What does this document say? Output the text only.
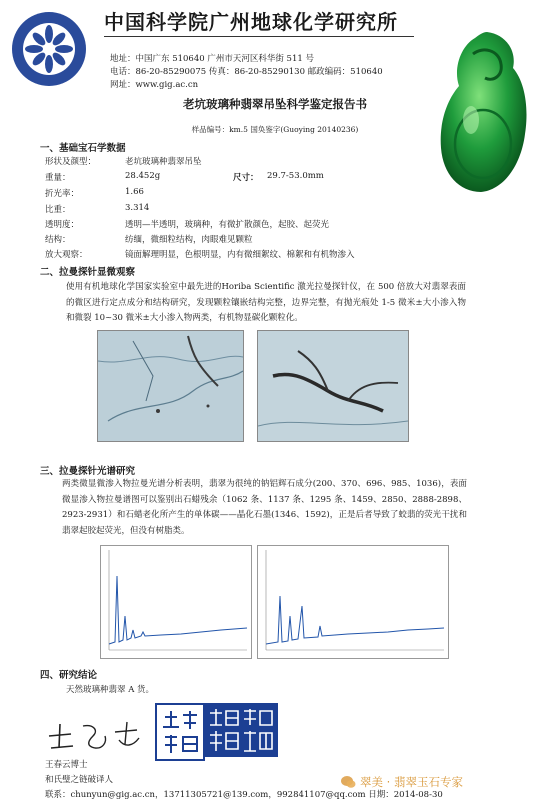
中国科学院广州地球化学研究所
地址：中国广东 510640 广州市天河区科华街 511 号
电话：86-20-85290075 传真：86-20-85290130 邮政编码：510640
网址：www.gig.ac.cn
老坑玻璃种翡翠吊坠科学鉴定报告书
样品编号：km.5 国奂鉴字(Guoying 20140236)
一、基础宝石学数据
形状及颜型：	老坑玻璃种翡翠吊坠
重量：	28.452g	尺寸： 29.7-53.0mm
折光率：	1.66
比重：	3.314
透明度：	透明—半透明，玻璃种，有微扩散颜色，起胶、起荧光
结构：	纺缅，微细粒结构，肉眼难见颗粒
放大观察：	镜面解理明显，色根明显，内有微细絮纹、棉絮和有机物渗入
二、拉曼探针显微观察
使用有机地球化学国家实验室中最先进的Horiba Scientific 激光拉曼探针仪，在 500 倍放大对翡翠表面的微区进行定点成分和结构研究，发现颗粒镶嵌结构完整，边界完整，有抛光痕处 1-5 微米±大小渗入物和微裂 10~30 微米±大小渗入物两类，有机物显碳化颗粒化。
三、拉曼探针光谱研究
两类微显微渗入物拉曼光谱分析表明，翡翠为很纯的钠铝辉石成分(200、370、696、985、1036)，表面微显渗入物拉曼谱图可以鉴别出石蜡残余（1062 条、1137 条、1295 条、1459、2850、2888-2898、2923-2931）和石蜡老化所产生的单体碳——晶化石墨(1346、1592)，正是后者导致了蛟翡的荧光干扰和翡翠起胶起荧光，但没有树脂类。
四、研究结论
天然玻璃种翡翠 A 货。
王春云博士
和氏璧之链破译人
联系：chunyun@gig.ac.cn，13711305721@139.com，992841107@qq.com 日期：2014-08-30
翠美 · 翡翠玉石专家
